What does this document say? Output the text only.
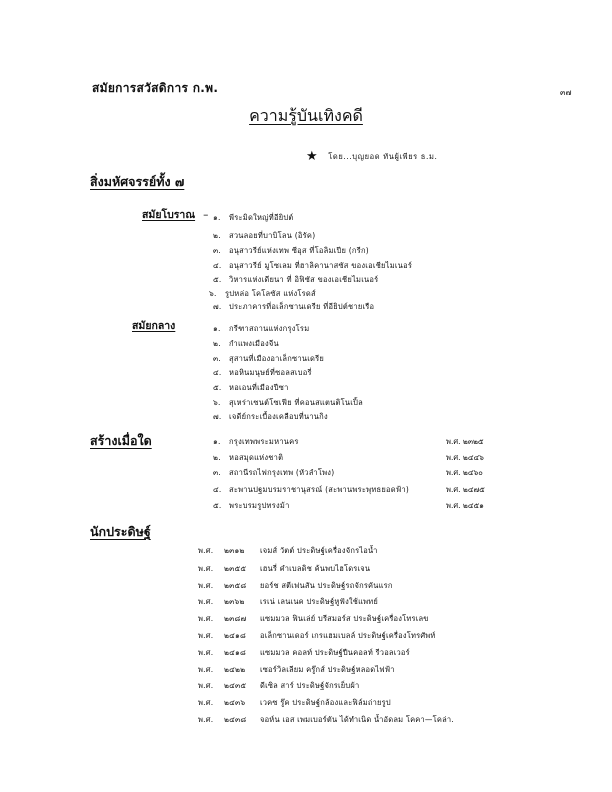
สมัยการสวัสดิการ ก.พ.	๓๗
ความรู้บันเทิงคดี
★ โดย...บุญยอด ทันผู้เพียร ธ.ม.
สิ่งมหัศจรรย์ทั้ง ๗
สมัยโบราณ – ๑. พีระมิดใหญ่ที่อียิปต์
๒. สวนลอยที่บาบิโลน (อิรัค)
๓. อนุสาวรีย์แห่งเทพ ซีอุส ที่โอลิมเปีย (กรีก)
๔. อนุสาวรีย์ มูโซเลม ที่ฮาลิคานาสซัส ของเอเชียไมเนอร์
๕. วิหารแห่งเดียนา ที่ อิฟิซัส ของเอเชียไมเนอร์
๖. รูปหล่อ โคโลซัส แห่งโรดส์
๗. ประภาคารที่อเล็กซานเดรีย ที่อียิปต์ชายเรือ
สมัยกลาง	๑. กรีฑาสถานแห่งกรุงโรม
๒. กำแพงเมืองจีน
๓. สุสานที่เมืองอาเล็กซานเดรีย
๔. หอหินมนุษย์ที่ซอลสเบอรี่
๕. หอเอนที่เมืองปีซา
๖. สุเหร่าเซนต์โซเฟีย ที่คอนสแตนติโนเปิ้ล
๗. เจดีย์กระเบื้องเคลือบที่นานกิง
สร้างเมื่อใด	๑. กรุงเทพพระมหานคร	พ.ศ. ๒๓๒๕
๒. หอสมุดแห่งชาติ	พ.ศ. ๒๔๔๖
๓. สถานีรถไฟกรุงเทพ (หัวลำโพง)	พ.ศ. ๒๔๖๐
๔. สะพานปฐมบรมราชานุสรณ์ (สะพานพระพุทธยอดฟ้า)	พ.ศ. ๒๔๗๕
๕. พระบรมรูปทรงม้า	พ.ศ. ๒๔๕๑
นักประดิษฐ์
พ.ศ. ๒๓๑๒ เจมส์ วัตต์ ประดิษฐ์เครื่องจักรไอน้ำ
พ.ศ. ๒๓๕๕ เฮนรี่ คำเบลดิช ค้นพบไฮโดรเจน
พ.ศ. ๒๓๕๘ ยอร์ช สตีเฟนสัน ประดิษฐ์รถจักรคันแรก
พ.ศ. ๒๓๖๒ เรเน่ เลนเนค ประดิษฐ์หูฟังใช้แพทย์
พ.ศ. ๒๓๘๗ แซมมวล ฟินเล่ย์ บรีสมอร์ส ประดิษฐ์เครื่องโทรเลข
พ.ศ. ๒๔๑๘ อเล็กซานเดอร์ เกรแฮมเบลล์ ประดิษฐ์เครื่องโทรศัพท์
พ.ศ. ๒๔๑๘ แซมมวล คอลท์ ประดิษฐ์ปืนคอลท์ รีวอลเวอร์
พ.ศ. ๒๔๒๒ เซอร์วิลเลียม ครู๊กส์ ประดิษฐ์หลอดไฟฟ้า
พ.ศ. ๒๔๓๕ ดีเซิล สาร์ ประดิษฐ์จักรเย็บผ้า
พ.ศ. ๒๔๓๖ เวคซ รู๊ค ประดิษฐ์กล้องและฟิล์มถ่ายรูป
พ.ศ. ๒๔๓๘ จอห์น เอส เพมเบอร์ตัน ได้ทำเนิด น้ำอัดลม โคคา—โคล่า.
